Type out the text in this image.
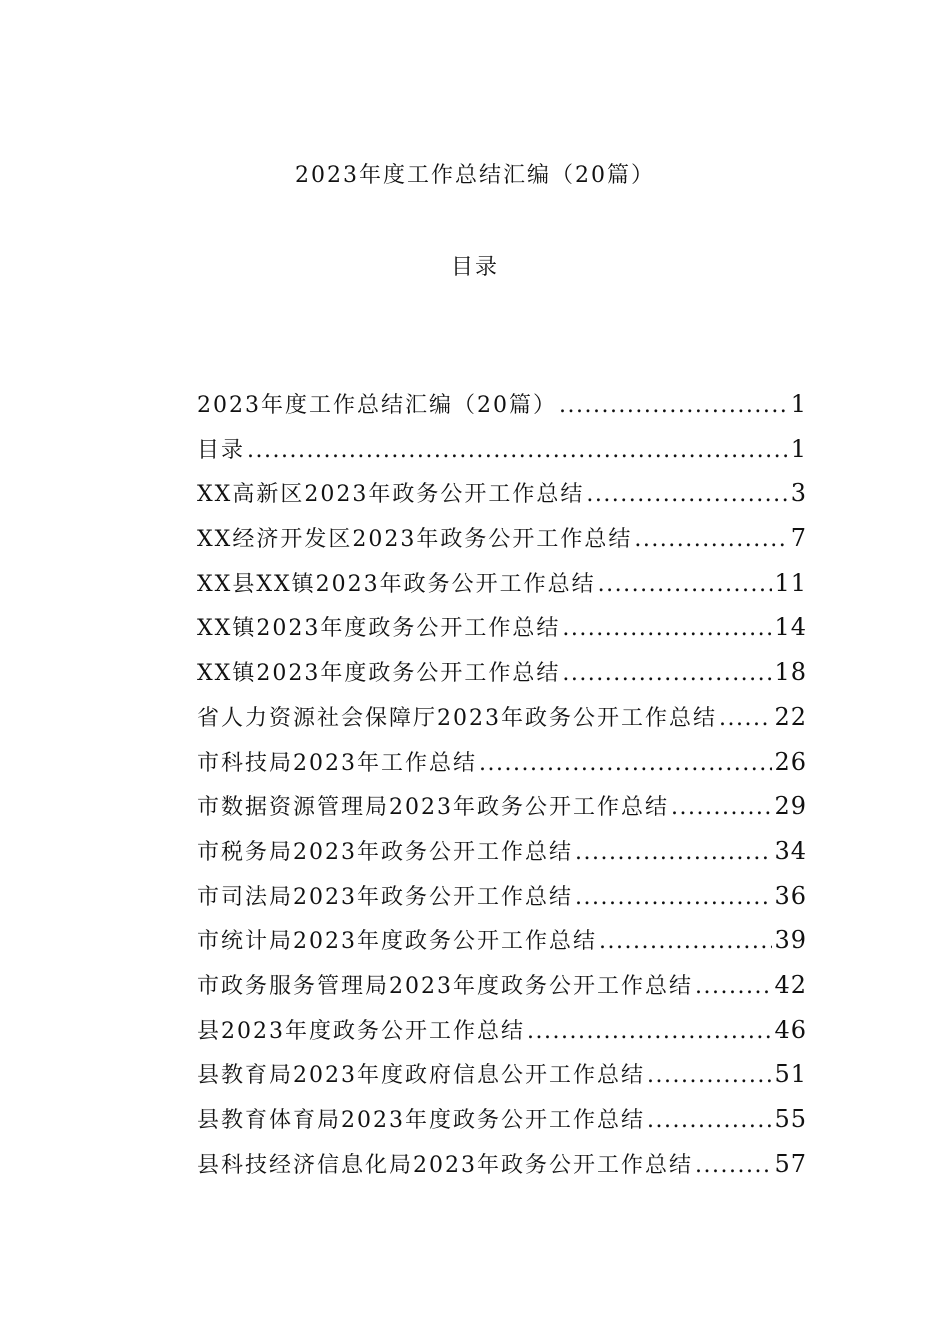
2023年度工作总结汇编（20篇）
目录
2023年度工作总结汇编（20篇） .....	1
目录 .....	1
XX高新区2023年政务公开工作总结 .....	3
XX经济开发区2023年政务公开工作总结 .....	7
XX县XX镇2023年政务公开工作总结 .....	11
XX镇2023年度政务公开工作总结 .....	14
XX镇2023年度政务公开工作总结 .....	18
省人力资源社会保障厅2023年政务公开工作总结 ..... 22
市科技局2023年工作总结 .....	26
市数据资源管理局2023年政务公开工作总结 .....	29
市税务局2023年政务公开工作总结 .....	34
市司法局2023年政务公开工作总结 .....	36
市统计局2023年度政务公开工作总结 .....	39
市政务服务管理局2023年度政务公开工作总结 .....	42
县2023年度政务公开工作总结 .....	46
县教育局2023年度政府信息公开工作总结 .....	51
县教育体育局2023年度政务公开工作总结 .....	55
县科技经济信息化局2023年政务公开工作总结 .....	57
